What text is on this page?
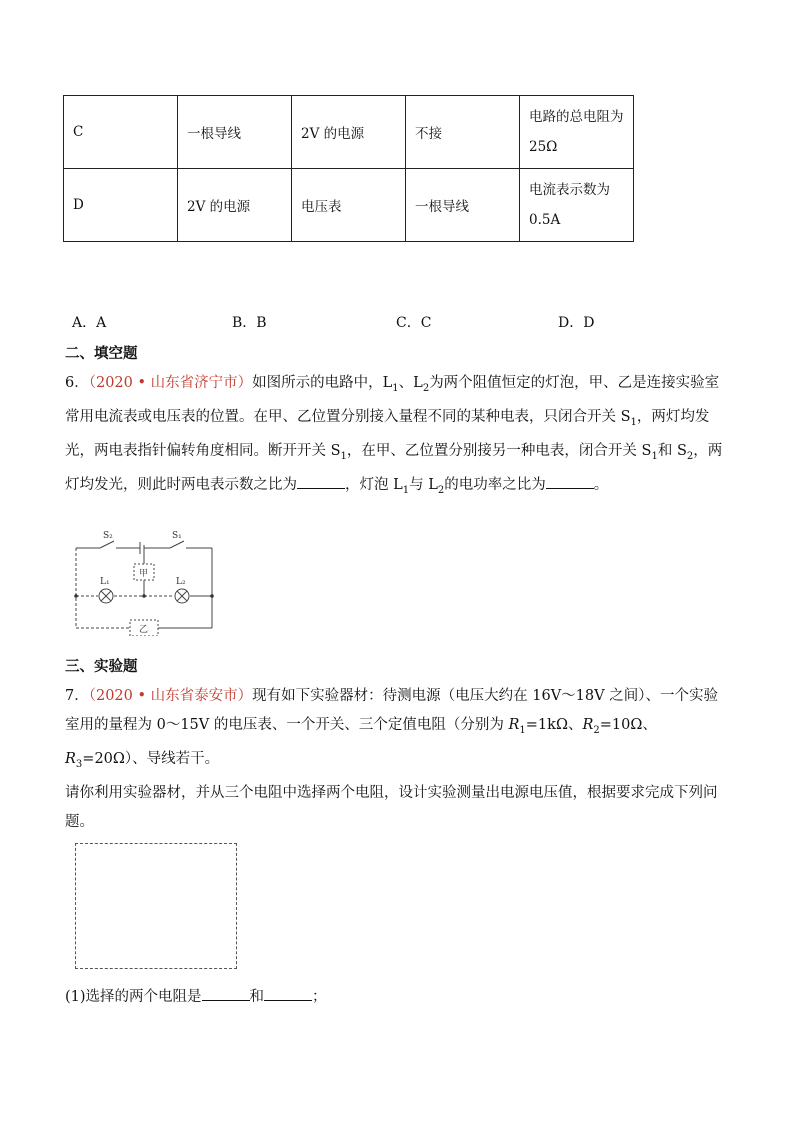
C	一根导线	2V 的电源	不接	电路的总电阻为
25Ω

D	2V 的电源	电压表	一根导线	电流表示数为
0.5A
A．A	B．B	C．C	D．D
二、填空题
6．（2020 • 山东省济宁市）如图所示的电路中，$L_1$、$L_2$为两个阻值恒定的灯泡，甲、乙是连接实验室常用电流表或电压表的位置。在甲、乙位置分别接入量程不同的某种电表，只闭合开关 $S_1$，两灯均发光，两电表指针偏转角度相同。断开开关 $S_1$，在甲、乙位置分别接另一种电表，闭合开关 $S_1$和 $S_2$，两灯均发光，则此时两电表示数之比为	，灯泡 $L_1$与 $L_2$的电功率之比为	。
S₂	S₁
L₁	L₂
甲
乙
三、实验题
7．（2020 • 山东省泰安市）现有如下实验器材：待测电源（电压大约在 16V～18V 之间）、一个实验室用的量程为 0～15V 的电压表、一个开关、三个定值电阻（分别为 $R_1=1k\Omega$、$R_2=10\Omega$、$R_3=20\Omega$）、导线若干。
请你利用实验器材，并从三个电阻中选择两个电阻，设计实验测量出电源电压值，根据要求完成下列问题。
(1)选择的两个电阻是	和	；
